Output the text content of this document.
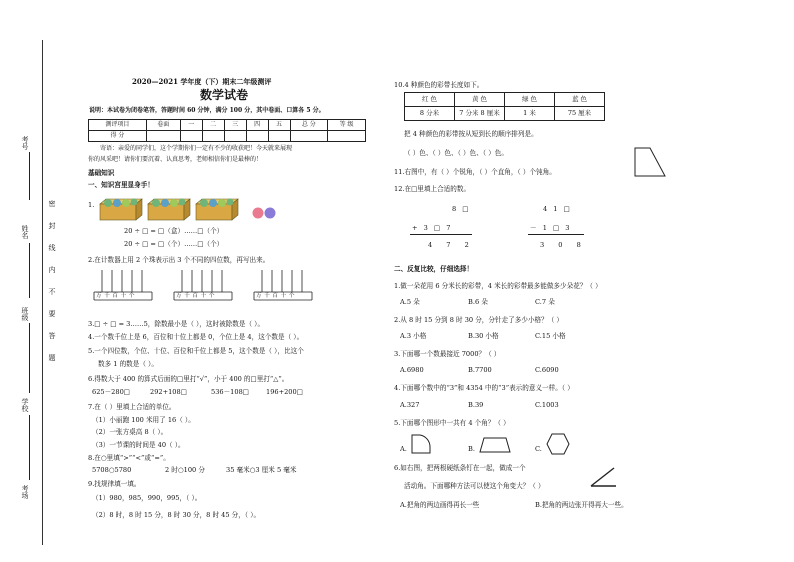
考号
姓名
班级
学校
考场
密
封
线
内
不
要
答
题
2020—2021 学年度（下）期末二年级测评
数学试卷
说明：本试卷为闭卷笔答，答题时间 60 分钟，满分 100 分，其中卷面、口算各 5 分。
测评项目	卷面	一	二	三	四	五	总 分	等 级
得 分								
寄语：亲爱的同学们，这个学期你们一定有不少的收获吧！今天就来展现
你的风采吧！请你们要沉着、认真思考，老师相信你们是最棒的！
基础知识
一、知识宫里显身手！
1.
20 ÷ □ = □（盒）……□（个）
20 ÷ □ = □（个）……□（个）
2.在计数器上用 2 个珠表示出 3 个不同的四位数，再写出来。
万 千 百 十 个	万 千 百 十 个	万 千 百 十 个
3.□ ÷ □ = 3……5，除数最小是（ ），这时被除数是（ ）。
4.一个数千位上是 6，百位和十位上都是 0，个位上是 4，这个数是（ ）。
5.一个四位数，个位、十位、百位和千位上都是 5，这个数是（ ），比这个
数多 1 的数是（ ）。
6.得数大于 400 的算式后面的□里打“√”，小于 400 的□里打“△”。
625－280□	292+108□	536－108□	196+200□
7.在（ ）里填上合适的单位。
（1）小丽跑 100 米用了 16（ ）。
（2）一张方桌高 8（ ）。
（3）一节课的时间是 40（ ）。
8.在○里填“>”“<”或“=”。
5708○5780	2 时○100 分	35 毫米○3 厘米 5 毫米
9.找规律填一填。
（1）980，985，990，995，（ ）。
（2）8 时，8 时 15 分，8 时 30 分，8 时 45 分，（ ）。
10.4 种颜色的彩带长度如下。
红 色	黄 色	绿 色	蓝 色
8 分米	7 分米 8 厘米	1 米	75 厘米
把 4 种颜色的彩带按从短到长的顺序排列是。
（ ）色、（ ）色、（ ）色、（ ）色。
11.右图中，有（ ）个锐角，（ ）个直角，（ ）个钝角。
12.在□里填上合适的数。
8 □
+ 3 □ 7
4 7 2
4 1 □
－ 1 □ 3
3 0 8
二、反复比较，仔细选择！
1.做一朵花用 6 分米长的彩带，4 米长的彩带最多能做多少朵花？（ ）
A.5 朵	B.6 朵	C.7 朵
2.从 8 时 15 分到 8 时 30 分，分针走了多少小格？（ ）
A.3 小格	B.30 小格	C.15 小格
3.下面哪一个数最接近 7000？（ ）
A.6980	B.7700	C.6090
4.下面哪个数中的“3”和 4354 中的“3”表示的意义一样。（ ）
A.327	B.39	C.1003
5.下面哪个图形中一共有 4 个角？（ ）
A.	B.	C.
6.如右图，把两根硬纸条钉在一起，做成一个
活动角。下面哪种方法可以使这个角变大？（ ）
A.把角的两边画得再长一些	B.把角的两边张开得再大一些。
